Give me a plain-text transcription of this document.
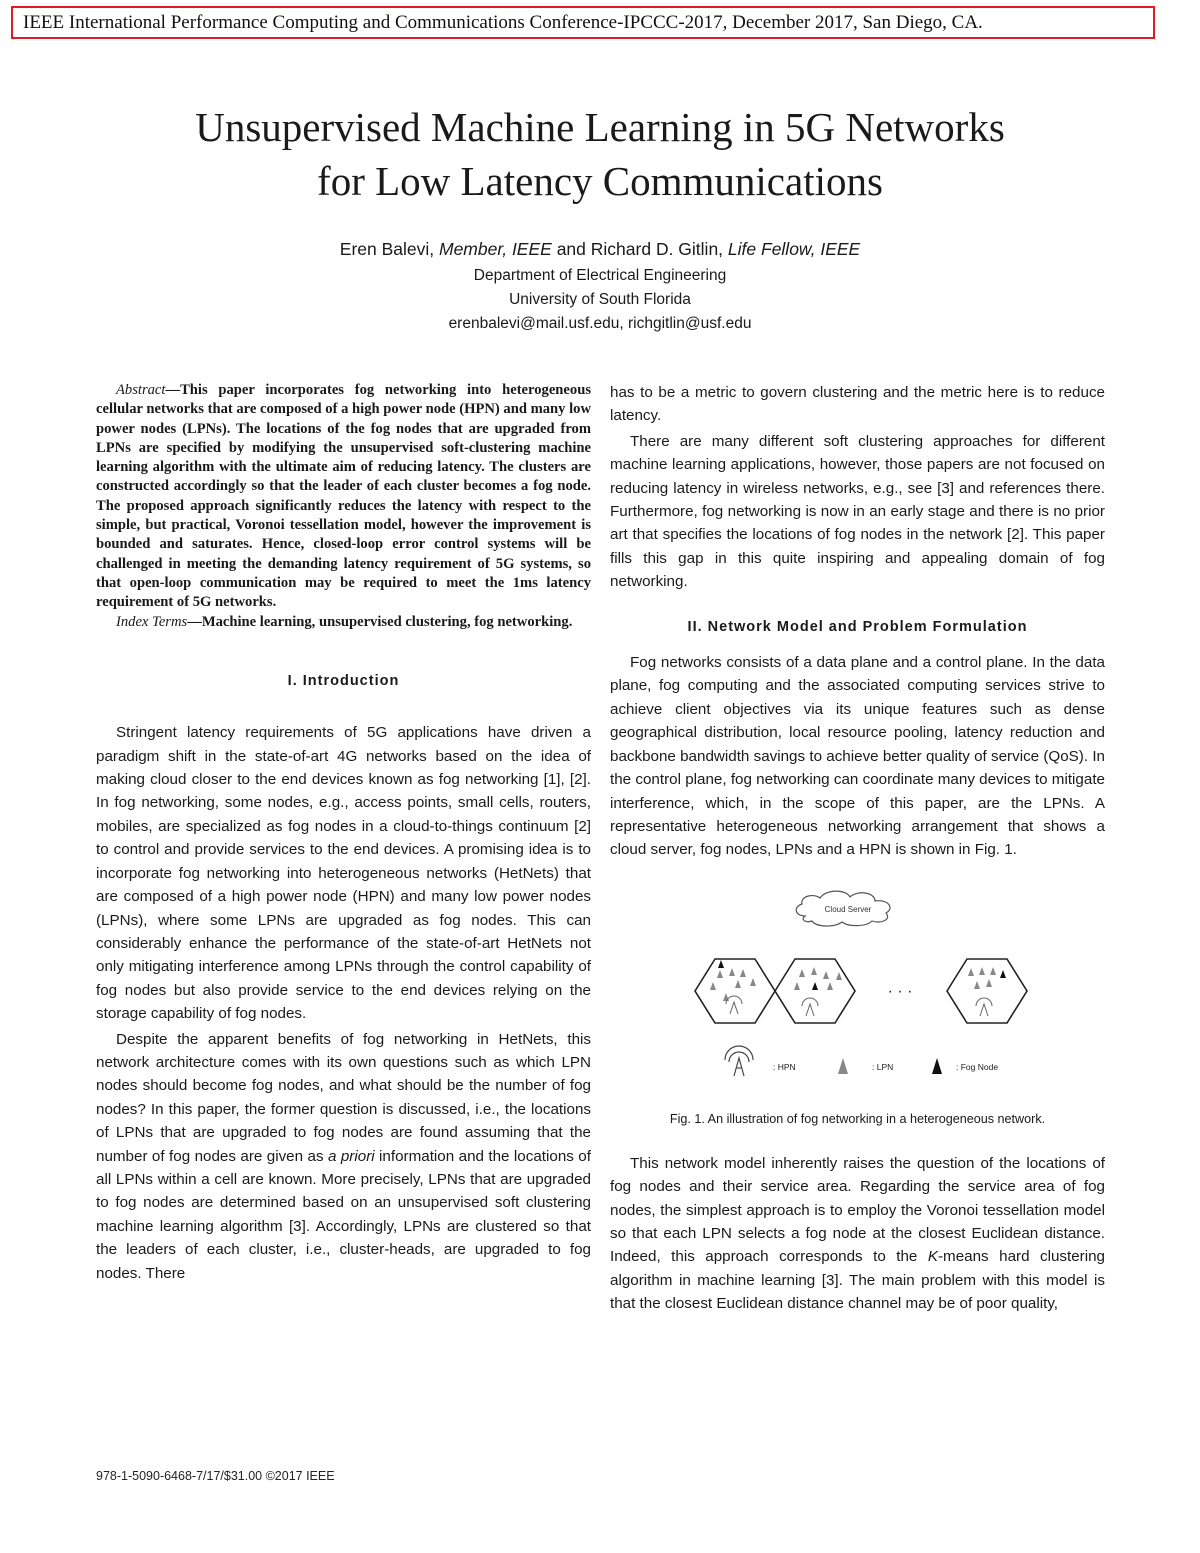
IEEE International Performance Computing and Communications Conference-IPCCC-2017, December 2017, San Diego, CA.
Unsupervised Machine Learning in 5G Networks
for Low Latency Communications
Eren Balevi, Member, IEEE and Richard D. Gitlin, Life Fellow, IEEE
Department of Electrical Engineering
University of South Florida
erenbalevi@mail.usf.edu, richgitlin@usf.edu

Abstract—This paper incorporates fog networking into heterogeneous cellular networks that are composed of a high power node (HPN) and many low power nodes (LPNs). The locations of the fog nodes that are upgraded from LPNs are specified by modifying the unsupervised soft-clustering machine learning algorithm with the ultimate aim of reducing latency. The clusters are constructed accordingly so that the leader of each cluster becomes a fog node. The proposed approach significantly reduces the latency with respect to the simple, but practical, Voronoi tessellation model, however the improvement is bounded and saturates. Hence, closed-loop error control systems will be challenged in meeting the demanding latency requirement of 5G systems, so that open-loop communication may be required to meet the 1ms latency requirement of 5G networks.

Index Terms—Machine learning, unsupervised clustering, fog networking.

I. Introduction

Stringent latency requirements of 5G applications have driven a paradigm shift in the state-of-art 4G networks based on the idea of making cloud closer to the end devices known as fog networking [1], [2]. In fog networking, some nodes, e.g., access points, small cells, routers, mobiles, are specialized as fog nodes in a cloud-to-things continuum [2] to control and provide services to the end devices. A promising idea is to incorporate fog networking into heterogeneous networks (HetNets) that are composed of a high power node (HPN) and many low power nodes (LPNs), where some LPNs are upgraded as fog nodes. This can considerably enhance the performance of the state-of-art HetNets not only mitigating interference among LPNs through the control capability of fog nodes but also provide service to the end devices relying on the storage capability of fog nodes.

Despite the apparent benefits of fog networking in HetNets, this network architecture comes with its own questions such as which LPN nodes should become fog nodes, and what should be the number of fog nodes? In this paper, the former question is discussed, i.e., the locations of LPNs that are upgraded to fog nodes are found assuming that the number of fog nodes are given as a priori information and the locations of all LPNs within a cell are known. More precisely, LPNs that are upgraded to fog nodes are determined based on an unsupervised soft clustering machine learning algorithm [3]. Accordingly, LPNs are clustered so that the leaders of each cluster, i.e., cluster-heads, are upgraded to fog nodes. There

has to be a metric to govern clustering and the metric here is to reduce latency.

There are many different soft clustering approaches for different machine learning applications, however, those papers are not focused on reducing latency in wireless networks, e.g., see [3] and references there. Furthermore, fog networking is now in an early stage and there is no prior art that specifies the locations of fog nodes in the network [2]. This paper fills this gap in this quite inspiring and appealing domain of fog networking.

II. Network Model and Problem Formulation

Fog networks consists of a data plane and a control plane. In the data plane, fog computing and the associated computing services strive to achieve client objectives via its unique features such as dense geographical distribution, local resource pooling, latency reduction and backbone bandwidth savings to achieve better quality of service (QoS). In the control plane, fog networking can coordinate many devices to mitigate interference, which, in the scope of this paper, are the LPNs. A representative heterogeneous networking arrangement that shows a cloud server, fog nodes, LPNs and a HPN is shown in Fig. 1.

Cloud Server
· · ·
: HPN	: LPN	: Fog Node
Fig. 1. An illustration of fog networking in a heterogeneous network.

This network model inherently raises the question of the locations of fog nodes and their service area. Regarding the service area of fog nodes, the simplest approach is to employ the Voronoi tessellation model so that each LPN selects a fog node at the closest Euclidean distance. Indeed, this approach corresponds to the K-means hard clustering algorithm in machine learning [3]. The main problem with this model is that the closest Euclidean distance channel may be of poor quality,

978-1-5090-6468-7/17/$31.00 ©2017 IEEE
